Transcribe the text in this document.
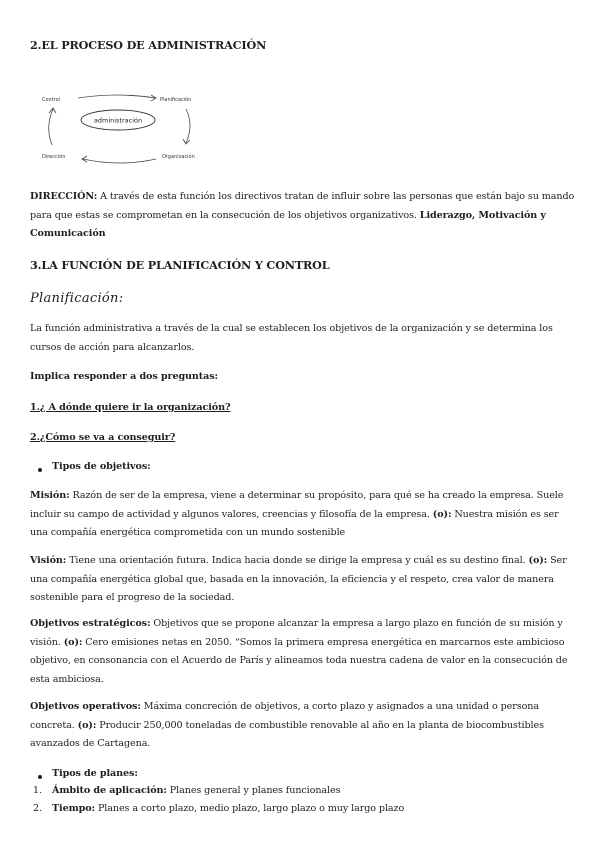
2.EL PROCESO DE ADMINISTRACIÓN
administración
Control	Planificación
Dirección	Organización
DIRECCIÓN: A través de esta función los directivos tratan de influir sobre las personas que están bajo su mando para que estas se comprometan en la consecución de los objetivos organizativos. Liderazgo, Motivación y Comunicación
3.LA FUNCIÓN DE PLANIFICACIÓN Y CONTROL
Planificación:
La función administrativa a través de la cual se establecen los objetivos de la organización y se determina los cursos de acción para alcanzarlos.
Implica responder a dos preguntas:
1.¿ A dónde quiere ir la organización?
2.¿Cómo se va a conseguir?
Tipos de objetivos:
Misión: Razón de ser de la empresa, viene a determinar su propósito, para qué se ha creado la empresa. Suele incluir su campo de actividad y algunos valores, creencias y filosofía de la empresa. (o): Nuestra misión es ser una compañía energética comprometida con un mundo sostenible
Visión: Tiene una orientación futura. Indica hacia donde se dirige la empresa y cuál es su destino final. (o): Ser una compañía energética global que, basada en la innovación, la eficiencia y el respeto, crea valor de manera sostenible para el progreso de la sociedad.
Objetivos estratégicos: Objetivos que se propone alcanzar la empresa a largo plazo en función de su misión y visión. (o): Cero emisiones netas en 2050. “Somos la primera empresa energética en marcarnos este ambicioso objetivo, en consonancia con el Acuerdo de París y alineamos toda nuestra cadena de valor en la consecución de esta ambiciosa.
Objetivos operativos: Máxima concreción de objetivos, a corto plazo y asignados a una unidad o persona concreta. (o): Producir 250,000 toneladas de combustible renovable al año en la planta de biocombustibles avanzados de Cartagena.
Tipos de planes:
1. Ámbito de aplicación: Planes general y planes funcionales
2. Tiempo: Planes a corto plazo, medio plazo, largo plazo o muy largo plazo
